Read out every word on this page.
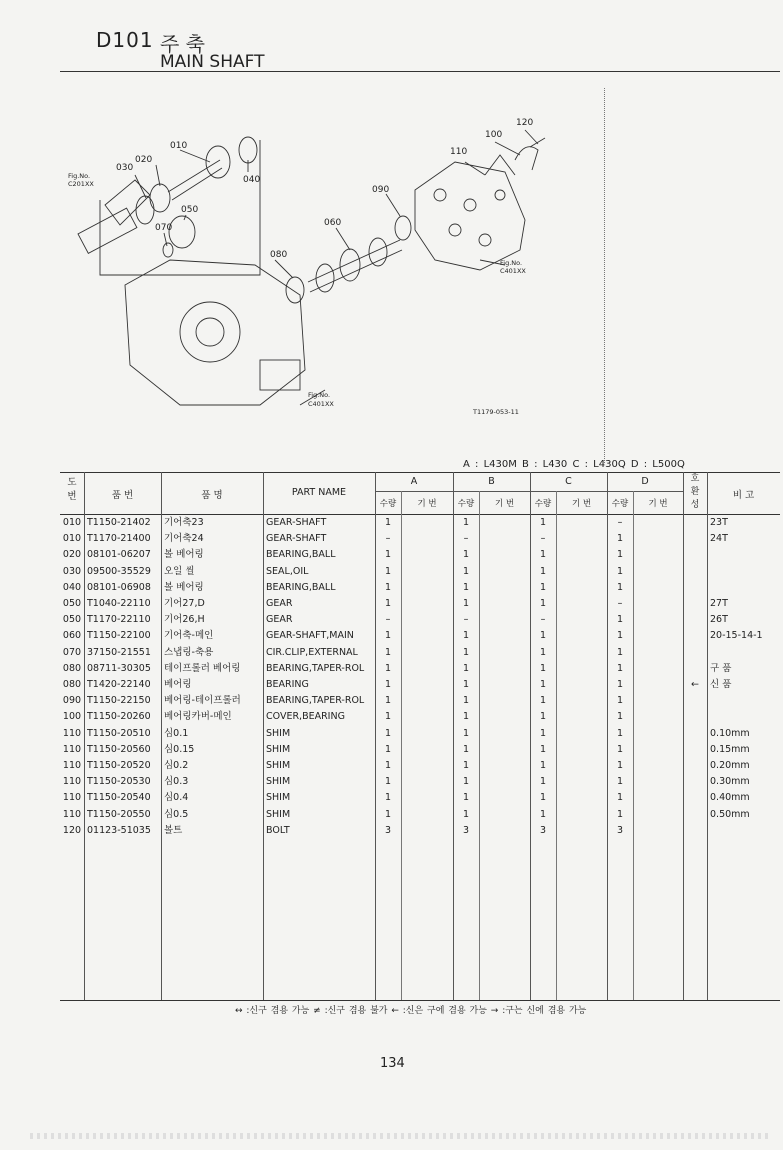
D101 주 축
MAIN SHAFT
010
020
030
040
050
060
070
080
090
100
110
120
Fig.No.
C201XX
Fig.No.
C401XX
Fig.No.
C401XX
T1179-053-11
A : L430M B : L430 C : L430Q D : L500Q
도
번	품 번	품 명	PART NAME
A	B	C	D
수량	기 번	수량	기 번	수량	기 번	수량	기 번
호
환
성
비 고
010 T1150-21402	기어축23	GEAR-SHAFT	1	1	1	–	23T
010 T1170-21400	기어축24	GEAR-SHAFT	–	–	–	1	24T
020 08101-06207	볼 베어링	BEARING,BALL	1	1	1	1
030 09500-35529	오일 씰	SEAL,OIL	1	1	1	1
040 08101-06908	볼 베어링	BEARING,BALL	1	1	1	1
050 T1040-22110	기어27,D	GEAR	1	1	1	–	27T
050 T1170-22110	기어26,H	GEAR	–	–	–	1	26T
060 T1150-22100	기어축-메인	GEAR-SHAFT,MAIN	1	1	1	1	20-15-14-1
070 37150-21551	스냅링-축용	CIR.CLIP,EXTERNAL	1	1	1	1
080 08711-30305	테이프롤러 베어링	BEARING,TAPER-ROL	1	1	1	1	구 품
080 T1420-22140	베어링	BEARING	1	1	1	1	←	신 품
090 T1150-22150	베어링-테이프롤러	BEARING,TAPER-ROL	1	1	1	1
100 T1150-20260	베어링카버-메인	COVER,BEARING	1	1	1	1
110 T1150-20510	심0.1	SHIM	1	1	1	1	0.10mm
110 T1150-20560	심0.15	SHIM	1	1	1	1	0.15mm
110 T1150-20520	심0.2	SHIM	1	1	1	1	0.20mm
110 T1150-20530	심0.3	SHIM	1	1	1	1	0.30mm
110 T1150-20540	심0.4	SHIM	1	1	1	1	0.40mm
110 T1150-20550	심0.5	SHIM	1	1	1	1	0.50mm
120 01123-51035	볼트	BOLT	3	3	3	3
↔ :신구 겸용 가능 ≠ :신구 겸용 불가 ← :신은 구에 겸용 가능 → :구는 신에 겸용 가능
134
